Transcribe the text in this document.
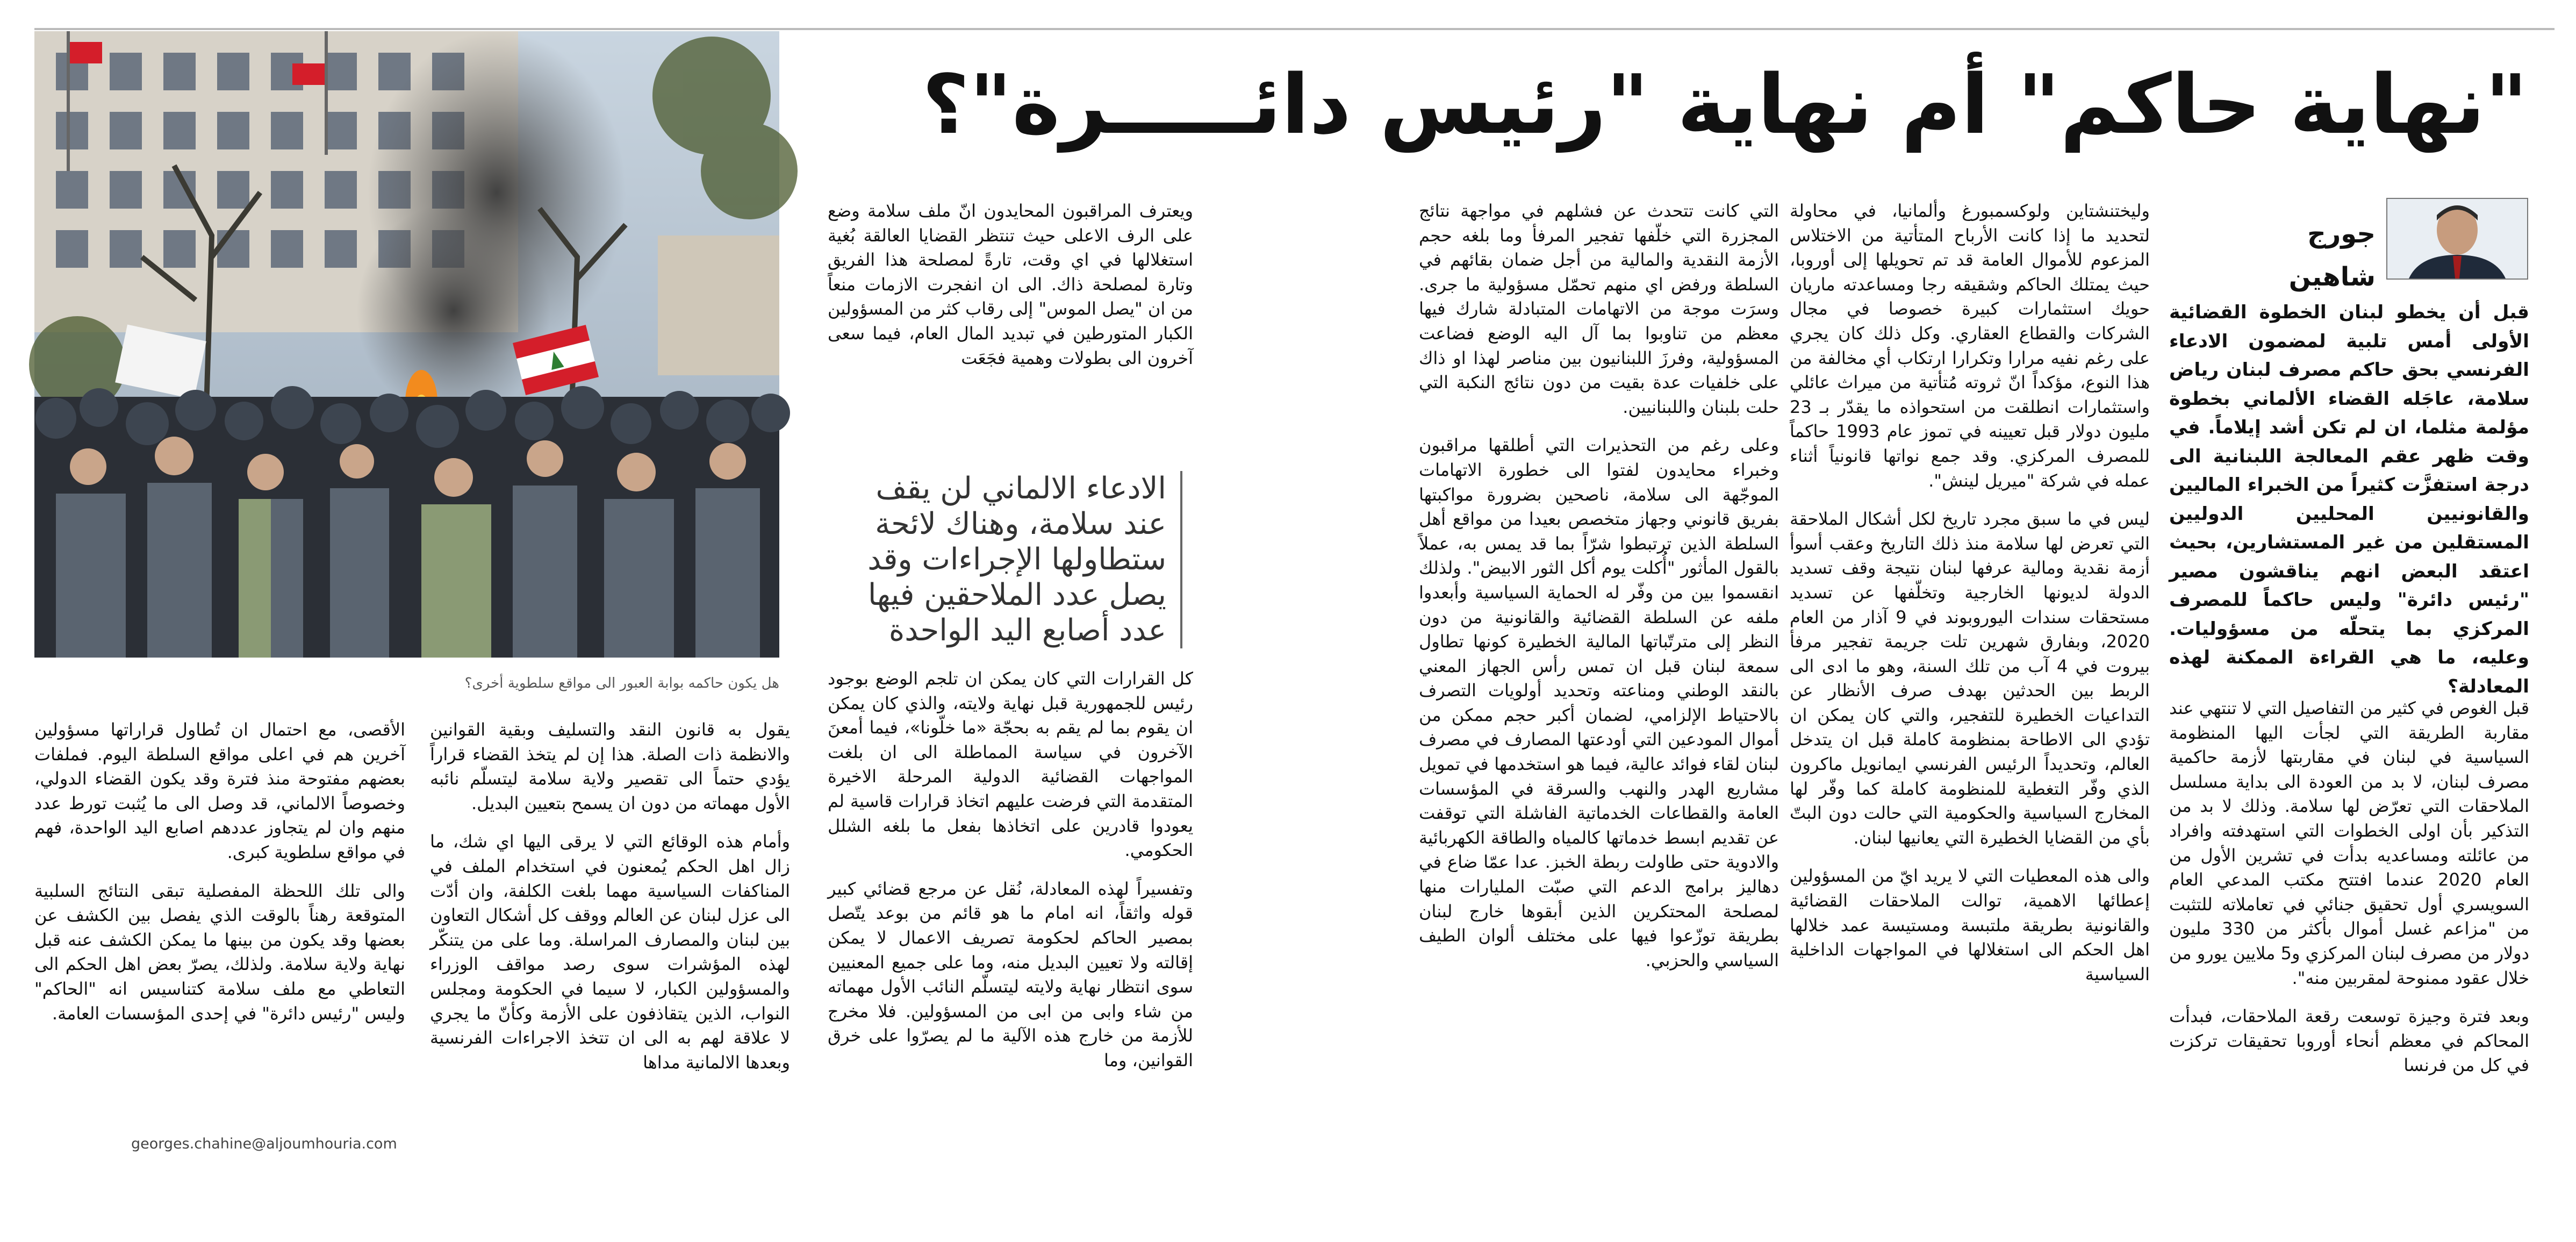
"نهاية حاكم" أم نهاية "رئيس دائـــــرة"؟
هل يكون حاكمه بوابة العبور الى مواقع سلطوية أخرى؟
جورج شاهين

قبل أن يخطو لبنان الخطوة القضائية الأولى أمس تلبية لمضمون الادعاء الفرنسي بحق حاكم مصرف لبنان رياض سلامة، عاجَله القضاء الألماني بخطوة مؤلمة مثلما، ان لم تكن أشد إيلاماً. في وقت ظهر عقم المعالجة اللبنانية الى درجة استفزَّت كثيراً من الخبراء الماليين والقانونيين المحليين الدوليين المستقلين من غير المستشارين، بحيث اعتقد البعض انهم يناقشون مصير "رئيس دائرة" وليس حاكماً للمصرف المركزي بما يتحلّه من مسؤوليات. وعليه، ما هي القراءة الممكنة لهذه المعادلة؟

قبل الغوص في كثير من التفاصيل التي لا تنتهي عند مقاربة الطريقة التي لجأت اليها المنظومة السياسية في لبنان في مقاربتها لأزمة حاكمية مصرف لبنان، لا بد من العودة الى بداية مسلسل الملاحقات التي تعرّض لها سلامة. وذلك لا بد من التذكير بأن اولى الخطوات التي استهدفته وافراد من عائلته ومساعديه بدأت في تشرين الأول من العام 2020 عندما افتتح مكتب المدعي العام السويسري أول تحقيق جنائي في تعاملاته للتثبت من "مزاعم غسل أموال بأكثر من 330 مليون دولار من مصرف لبنان المركزي و5 ملايين يورو من خلال عقود ممنوحة لمقربين منه".

وبعد فترة وجيزة توسعت رقعة الملاحقات، فبدأت المحاكم في معظم أنحاء أوروبا تحقيقات تركزت في كل من فرنسا

وليختنشتاين ولوكسمبورغ وألمانيا، في محاولة لتحديد ما إذا كانت الأرباح المتأتية من الاختلاس المزعوم للأموال العامة قد تم تحويلها إلى أوروبا، حيث يمتلك الحاكم وشقيقه رجا ومساعدته ماريان حويك استثمارات كبيرة خصوصا في مجال الشركات والقطاع العقاري. وكل ذلك كان يجري على رغم نفيه مرارا وتكرارا ارتكاب أي مخالفة من هذا النوع، مؤكداً انّ ثروته مُتأتية من ميراث عائلي واستثمارات انطلقت من استحواذه ما يقدّر بـ 23 مليون دولار قبل تعيينه في تموز عام 1993 حاكماً للمصرف المركزي. وقد جمع نواتها قانونياً أثناء عمله في شركة "ميريل لينش".

ليس في ما سبق مجرد تاريخ لكل أشكال الملاحقة التي تعرض لها سلامة منذ ذلك التاريخ وعقب أسوأ أزمة نقدية ومالية عرفها لبنان نتيجة وقف تسديد الدولة لديونها الخارجية وتخلّفها عن تسديد مستحقات سندات اليوروبوند في 9 آذار من العام 2020، وبفارق شهرين تلت جريمة تفجير مرفأ بيروت في 4 آب من تلك السنة، وهو ما ادى الى الربط بين الحدثين بهدف صرف الأنظار عن التداعيات الخطيرة للتفجير، والتي كان يمكن ان تؤدي الى الاطاحة بمنظومة كاملة قبل ان يتدخل العالم، وتحديداً الرئيس الفرنسي ايمانويل ماكرون الذي وفّر التغطية للمنظومة كاملة كما وفّر لها المخارج السياسية والحكومية التي حالت دون البتّ بأي من القضايا الخطيرة التي يعانيها لبنان.

والى هذه المعطيات التي لا يريد ايّ من المسؤولين إعطائها الاهمية، توالت الملاحقات القضائية والقانونية بطريقة ملتبسة ومستيسة عمد خلالها اهل الحكم الى استغلالها في المواجهات الداخلية السياسية

التي كانت تتحدث عن فشلهم في مواجهة نتائج المجزرة التي خلّفها تفجير المرفأ وما بلغه حجم الأزمة النقدية والمالية من أجل ضمان بقائهم في السلطة ورفض اي منهم تحمّل مسؤولية ما جرى. وسرَت موجة من الاتهامات المتبادلة شارك فيها معظم من تناوبوا بما آل اليه الوضع فضاعت المسؤولية، وفرزَ اللبنانيون بين مناصر لهذا او ذاك على خلفيات عدة بقيت من دون نتائج النكبة التي حلت بلبنان واللبنانيين.

وعلى رغم من التحذيرات التي أطلقها مراقبون وخبراء محايدون لفتوا الى خطورة الاتهامات الموجّهة الى سلامة، ناصحين بضرورة مواكبتها بفريق قانوني وجهاز متخصص بعيدا من مواقع أهل السلطة الذين ترتبطوا شرّاً بما قد يمس به، عملاً بالقول المأثور "أُكلت يوم أكل الثور الابيض". ولذلك انقسموا بين من وفّر له الحماية السياسية وأبعدوا ملفه عن السلطة القضائية والقانونية من دون النظر إلى مترتّباتها المالية الخطيرة كونها تطاول سمعة لبنان قبل ان تمس رأس الجهاز المعني بالنقد الوطني ومناعته وتحديد أولويات التصرف بالاحتياط الإلزامي، لضمان أكبر حجم ممكن من أموال المودعين التي أودعتها المصارف في مصرف لبنان لقاء فوائد عالية، فيما هو استخدمها في تمويل مشاريع الهدر والنهب والسرقة في المؤسسات العامة والقطاعات الخدماتية الفاشلة التي توقفت عن تقديم ابسط خدماتها كالمياه والطاقة الكهربائية والادوية حتى طاولت ربطة الخبز. عدا عمّا ضاع في دهاليز برامج الدعم التي صبّت المليارات منها لمصلحة المحتكرين الذين أبقوها خارج لبنان بطريقة توزّعوا فيها على مختلف ألوان الطيف السياسي والحزبي.

ويعترف المراقبون المحايدون انّ ملف سلامة وضع على الرف الاعلى حيث تنتظر القضايا العالقة بُغية استغلالها في اي وقت، تارةً لمصلحة هذا الفريق وتارة لمصلحة ذاك. الى ان انفجرت الازمات منعاً من ان "يصل الموس" إلى رقاب كثر من المسؤولين الكبار المتورطين في تبديد المال العام، فيما سعى آخرون الى بطولات وهمية فجَعَت

الادعاء الالماني لن يقف عند سلامة، وهناك لائحة ستطاولها الإجراءات وقد يصل عدد الملاحقين فيها عدد أصابع اليد الواحدة

كل القرارات التي كان يمكن ان تلجم الوضع بوجود رئيس للجمهورية قبل نهاية ولايته، والذي كان يمكن ان يقوم بما لم يقم به بحجّة «ما خلّونا»، فيما أمعنَ الآخرون في سياسة المماطلة الى ان بلغت المواجهات القضائية الدولية المرحلة الاخيرة المتقدمة التي فرضت عليهم اتخاذ قرارات قاسية لم يعودوا قادرين على اتخاذها بفعل ما بلغه الشلل الحكومي.

وتفسيراً لهذه المعادلة، نُقل عن مرجع قضائي كبير قوله واثقاً، انه امام ما هو قائم من بوعد يتّصل بمصير الحاكم لحكومة تصريف الاعمال لا يمكن إقالته ولا تعيين البديل منه، وما على جميع المعنيين سوى انتظار نهاية ولايته ليتسلّم النائب الأول مهماته من شاء وابى من ابى من المسؤولين. فلا مخرج للأزمة من خارج هذه الآلية ما لم يصرّوا على خرق القوانين، وما

يقول به قانون النقد والتسليف وبقية القوانين والانظمة ذات الصلة. هذا إن لم يتخذ القضاء قراراً يؤدي حتماً الى تقصير ولاية سلامة ليتسلّم نائبه الأول مهماته من دون ان يسمح بتعيين البديل.

وأمام هذه الوقائع التي لا يرقى اليها اي شك، ما زال اهل الحكم يُمعنون في استخدام الملف في المناكفات السياسية مهما بلغت الكلفة، وان أدّت الى عزل لبنان عن العالم ووقف كل أشكال التعاون بين لبنان والمصارف المراسلة. وما على من يتنكّر لهذه المؤشرات سوى رصد مواقف الوزراء والمسؤولين الكبار، لا سيما في الحكومة ومجلس النواب، الذين يتقاذفون على الأزمة وكأنّ ما يجري لا علاقة لهم به الى ان تتخذ الاجراءات الفرنسية وبعدها الالمانية مداها

الأقصى، مع احتمال ان تُطاول قراراتها مسؤولين آخرين هم في اعلى مواقع السلطة اليوم. فملفات بعضهم مفتوحة منذ فترة وقد يكون القضاء الدولي، وخصوصاً الالماني، قد وصل الى ما يُثبت تورط عدد منهم وان لم يتجاوز عددهم اصابع اليد الواحدة، فهم في مواقع سلطوية كبرى.

والى تلك اللحظة المفصلية تبقى النتائج السلبية المتوقعة رهناً بالوقت الذي يفصل بين الكشف عن بعضها وقد يكون من بينها ما يمكن الكشف عنه قبل نهاية ولاية سلامة. ولذلك، يصرّ بعض اهل الحكم الى التعاطي مع ملف سلامة كتناسيس انه "الحاكم" وليس "رئيس دائرة" في إحدى المؤسسات العامة.

georges.chahine@aljoumhouria.com
